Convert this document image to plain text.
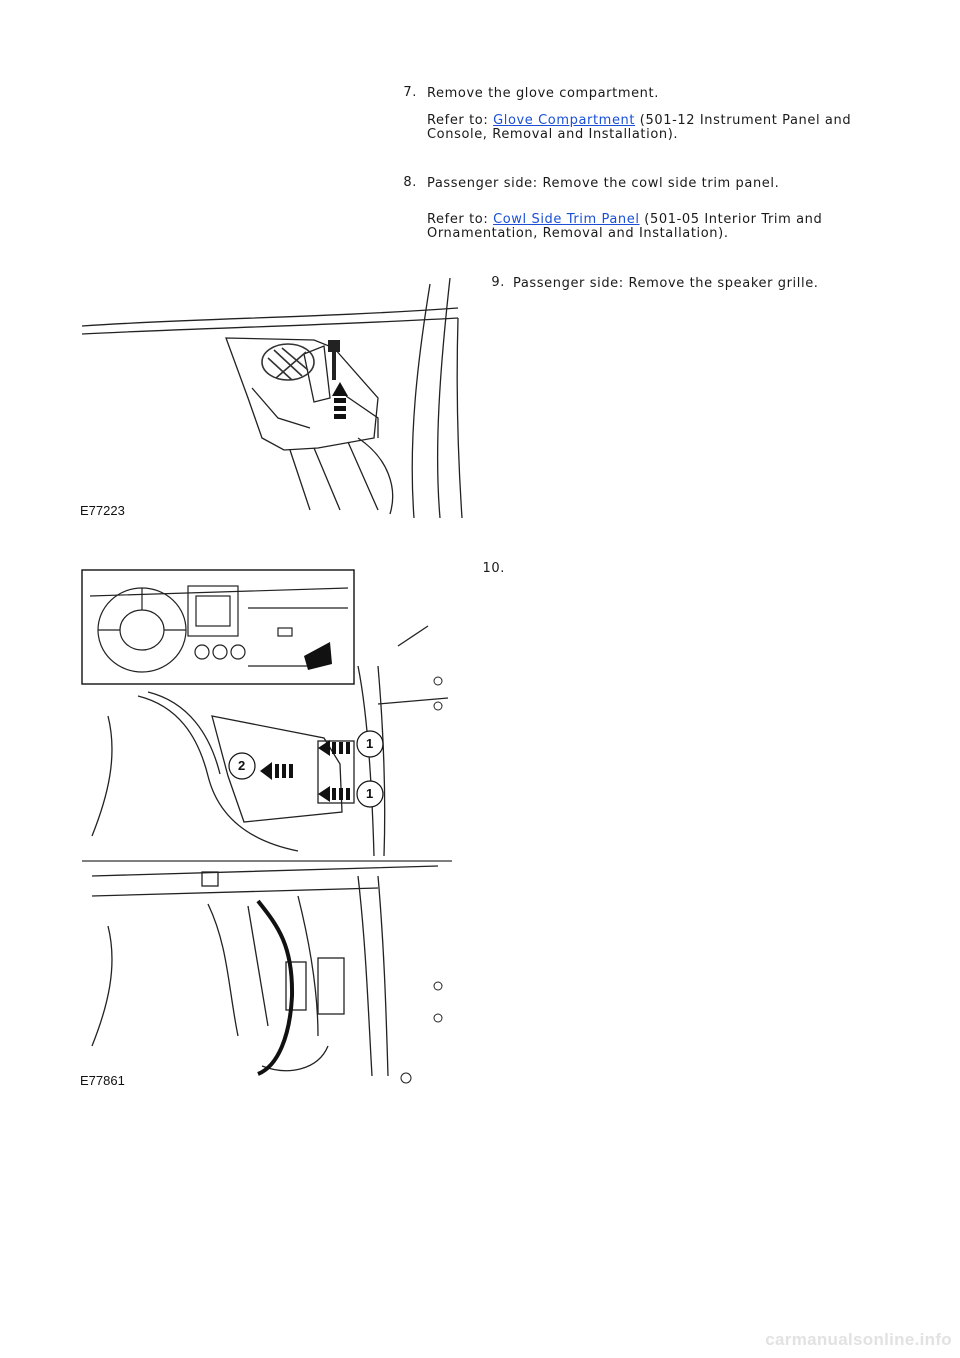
7. Remove the glove compartment.
Refer to: Glove Compartment (501-12 Instrument Panel and
Console, Removal and Installation).
8. Passenger side: Remove the cowl side trim panel.
Refer to: Cowl Side Trim Panel (501-05 Interior Trim and
Ornamentation, Removal and Installation).
9. Passenger side: Remove the speaker grille.
E77223
10.
1
2
1
E77861
carmanualsonline.info
